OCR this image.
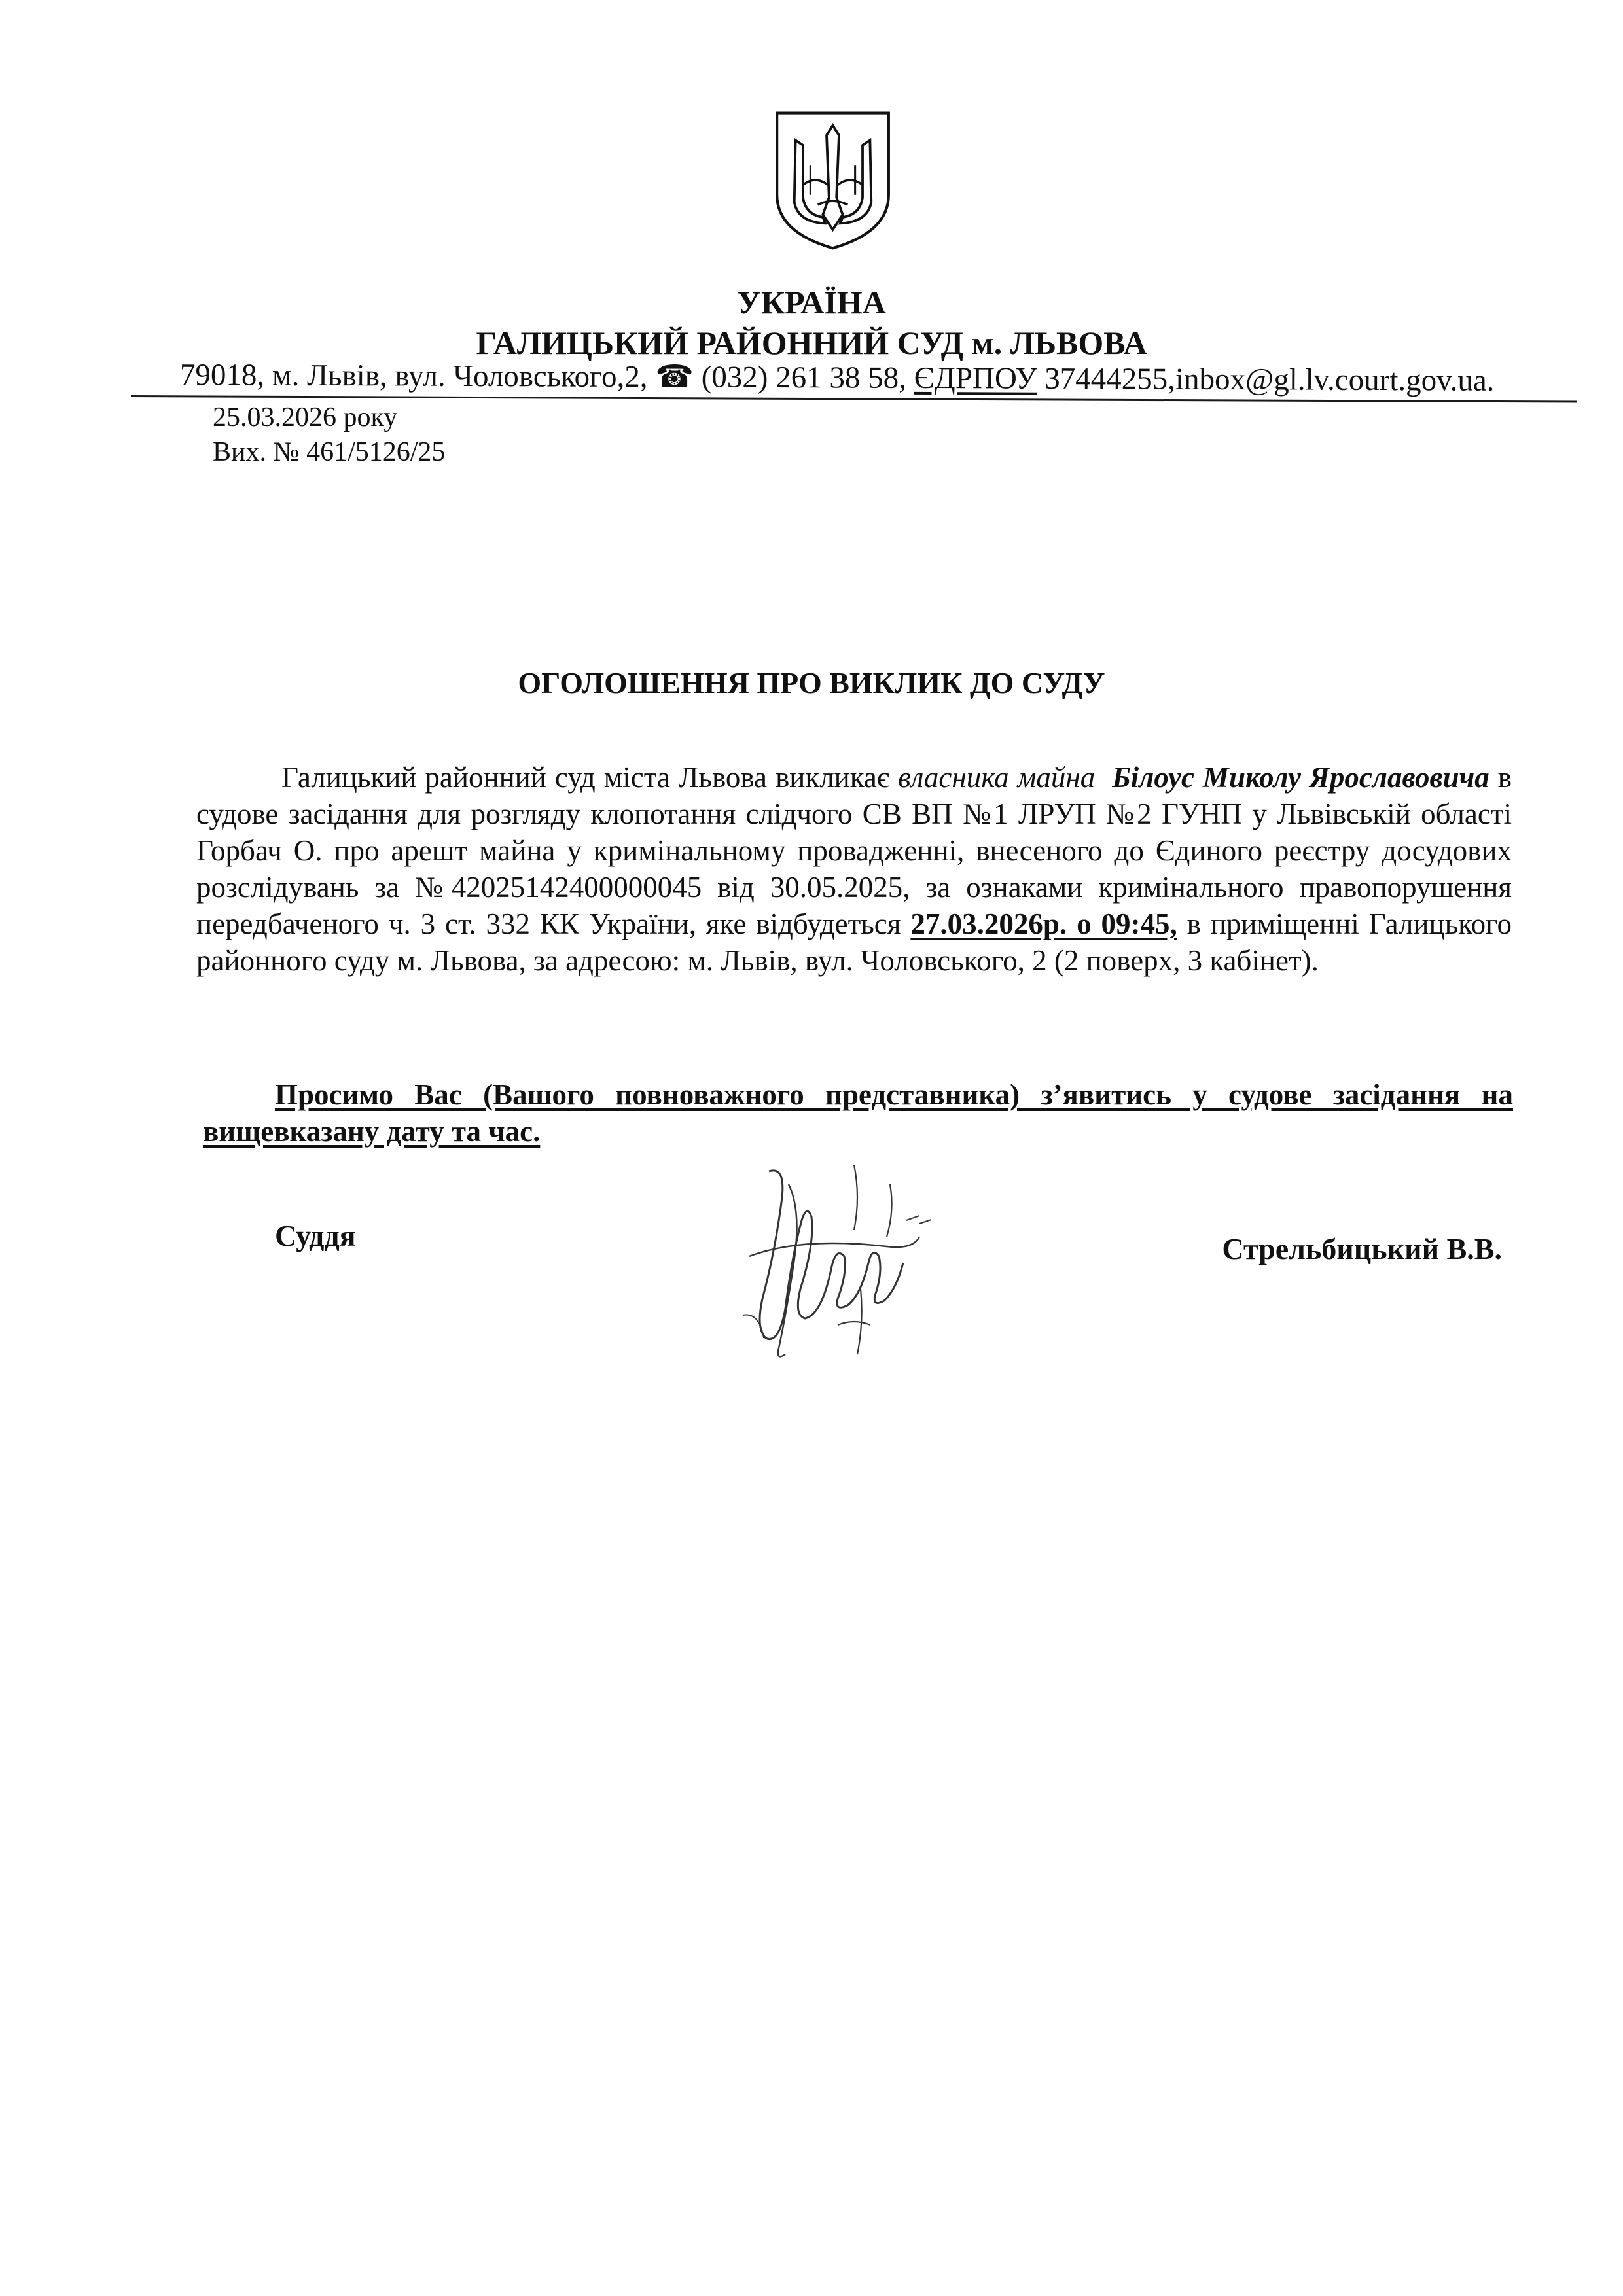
УКРАЇНА
ГАЛИЦЬКИЙ РАЙОННИЙ СУД м. ЛЬВОВА
79018, м. Львів, вул. Чоловського,2, ☎ (032) 261 38 58, ЄДРПОУ 37444255,inbox@gl.lv.court.gov.ua.
25.03.2026 року
Вих. № 461/5126/25
ОГОЛОШЕННЯ ПРО ВИКЛИК ДО СУДУ

Галицький районний суд міста Львова викликає власника майна Білоус Миколу Ярославовича в судове засідання для розгляду клопотання слідчого СВ ВП №1 ЛРУП №2 ГУНП у Львівській області Горбач О. про арешт майна у кримінальному провадженні, внесеного до Єдиного реєстру досудових розслідувань за №42025142400000045 від 30.05.2025, за ознаками кримінального правопорушення передбаченого ч. 3 ст. 332 КК України, яке відбудеться 27.03.2026р. о 09:45, в приміщенні Галицького районного суду м. Львова, за адресою: м. Львів, вул. Чоловського, 2 (2 поверх, 3 кабінет).

Просимо Вас (Вашого повноважного представника) з’явитись у судове засідання на вищевказану дату та час.

Суддя	Стрельбицький В.В.
